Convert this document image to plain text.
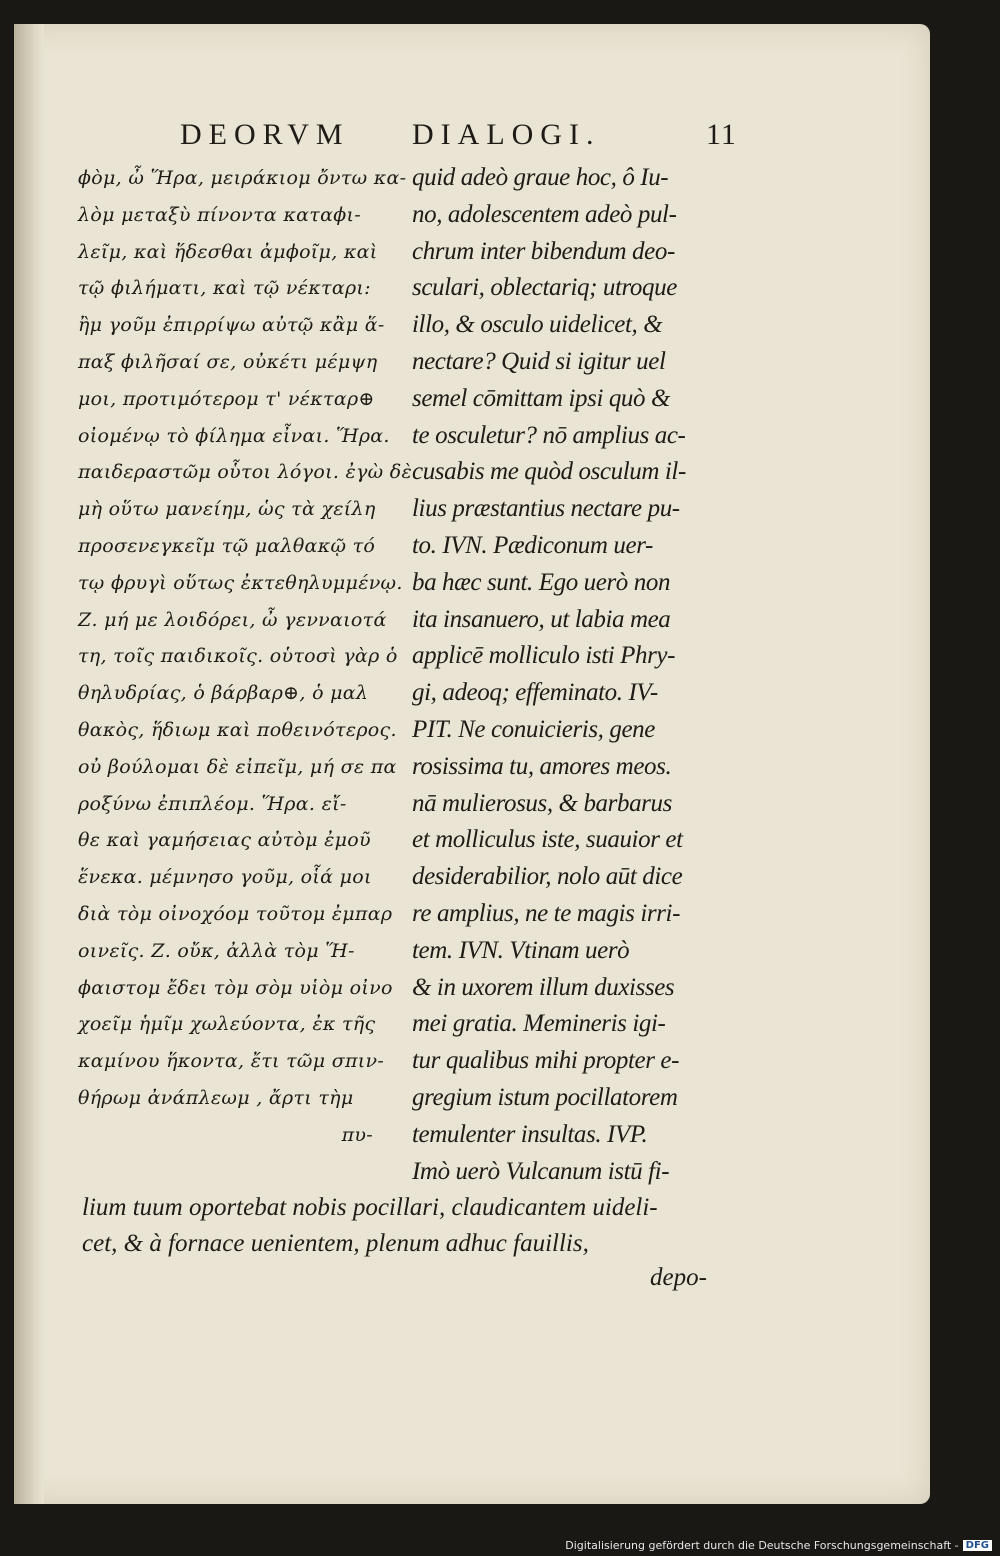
DEORVM DIALOGI.	11
ϕὸμ, ὦ Ἥρα, μειράκιομ ὄντω κα-
λὸμ μεταξὺ πίνοντα καταϕι-
λεῖμ, καὶ ἥδεσθαι ἀμϕοῖμ, καὶ
τῷ ϕιλήματι, καὶ τῷ νέκταρι:
ἢμ γοῦμ ἐπιρρίψω αὐτῷ κἂμ ἅ-
παξ ϕιλῆσαί σε, οὐκέτι μέμψη
μοι, προτιμότερομ τ' νέκταρ⊕
οἰομένῳ τὸ ϕίλημα εἶναι. Ἥρα.
παιδεραστῶμ οὗτοι λόγοι. ἐγὼ δὲ
μὴ οὕτω μανείημ, ὡς τὰ χείλη
προσενεγκεῖμ τῷ μαλθακῷ τό
τῳ ϕρυγὶ οὕτως ἐκτεθηλυμμένῳ.
Ζ. μή με λοιδόρει, ὦ γενναιοτά
τη, τοῖς παιδικοῖς. οὑτοσὶ γὰρ ὁ
θηλυδρίας, ὁ βάρβαρ⊕, ὁ μαλ
θακὸς, ἥδιωμ καὶ ποθεινότερος.
οὐ βούλομαι δὲ εἰπεῖμ, μή σε πα
ροξύνω ἐπιπλέομ. Ἥρα. εἴ-
θε καὶ γαμήσειας αὐτὸμ ἐμοῦ
ἕνεκα. μέμνησο γοῦμ, οἷά μοι
διὰ τὸμ οἰνοχόομ τοῦτομ ἐμπαρ
οινεῖς. Ζ. οὔκ, ἀλλὰ τὸμ Ἥ-
ϕαιστομ ἔδει τὸμ σὸμ υἱὸμ οἰνο
χοεῖμ ἡμῖμ χωλεύοντα, ἐκ τῆς
καμίνου ἥκοντα, ἔτι τῶμ σπιν-
θήρωμ ἀνάπλεωμ , ἄρτι τὴμ
πυ-
quid adeò graue hoc, ô Iu-
no, adolescentem adeò pul-
chrum inter bibendum deo-
sculari, oblectariq; utroque
illo, & osculo uidelicet, &
nectare? Quid si igitur uel
semel cōmittam ipsi quò &
te osculetur? nō amplius ac-
cusabis me quòd osculum il-
lius præstantius nectare pu-
to. IVN. Pædiconum uer-
ba hæc sunt. Ego uerò non
ita insanuero, ut labia mea
applicē molliculo isti Phry-
gi, adeoq; effeminato. IV-
PIT. Ne conuicieris, gene
rosissima tu, amores meos.
nā mulierosus, & barbarus
et molliculus iste, suauior et
desiderabilior, nolo aūt dice
re amplius, ne te magis irri-
tem. IVN. Vtinam uerò
& in uxorem illum duxisses
mei gratia. Memineris igi-
tur qualibus mihi propter e-
gregium istum pocillatorem
temulenter insultas. IVP.
Imò uerò Vulcanum istū fi-
lium tuum oportebat nobis pocillari, claudicantem uideli-
cet, & à fornace uenientem, plenum adhuc fauillis,
depo-
Digitalisierung gefördert durch die Deutsche Forschungsgemeinschaft - DFG
